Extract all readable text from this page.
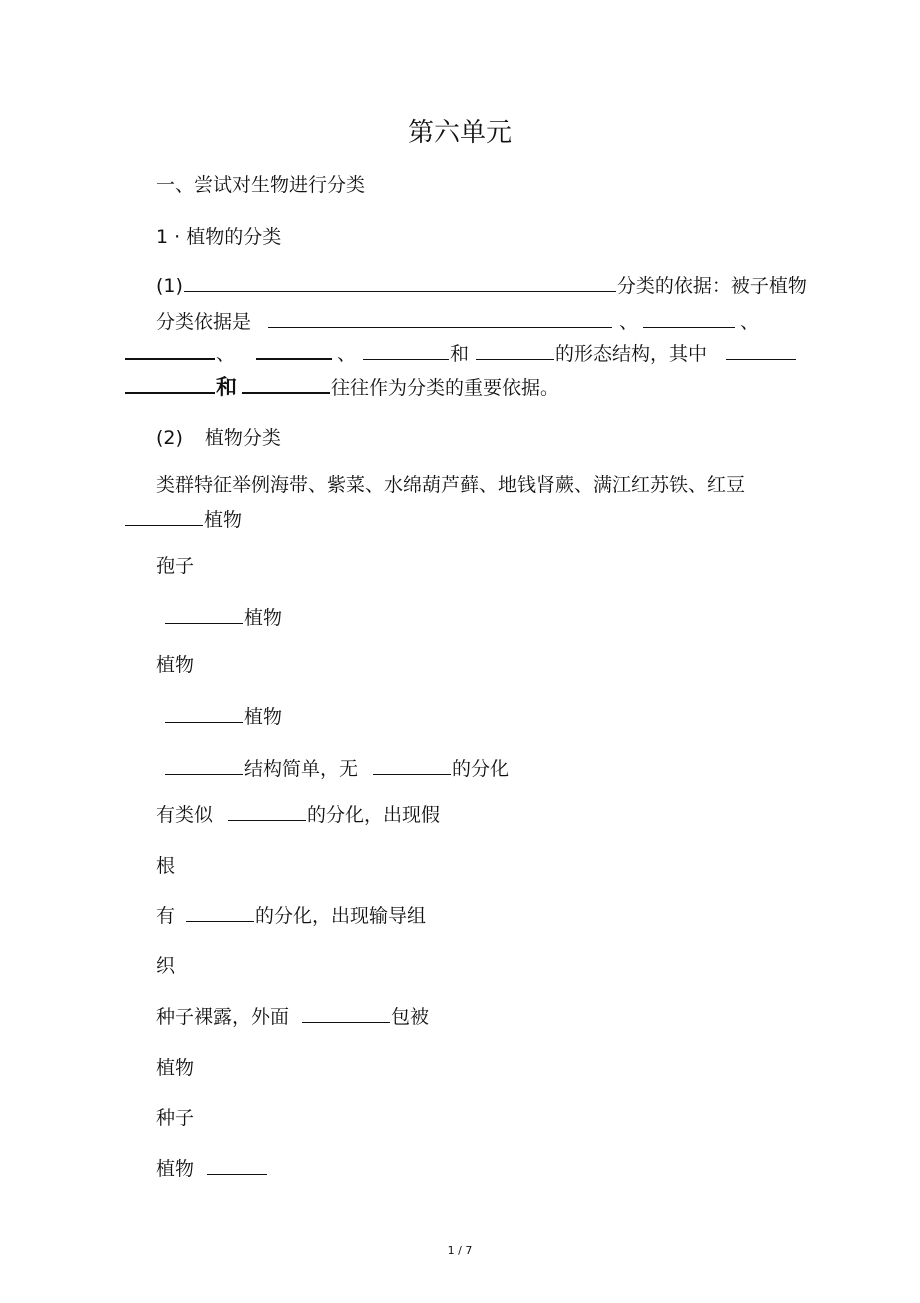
第六单元
一、尝试对生物进行分类
1 · 植物的分类
(1)	分类的依据：被子植物
分类依据是	、	、
、	、	和	的形态结构，其中
和	往往作为分类的重要依据。
(2) 植物分类
类群特征举例海带、紫菜、水绵葫芦藓、地钱肾蕨、满江红苏铁、红豆
植物
孢子
植物
植物
植物
结构简单，无	的分化
有类似	的分化，出现假
根
有	的分化，出现输导组
织
种子裸露，外面	包被
植物
种子
植物
1 / 7
